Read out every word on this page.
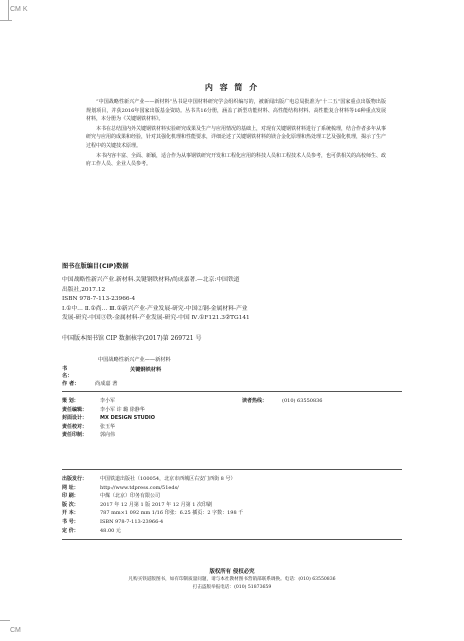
CM K
CM
内 容 简 介

“中国战略性新兴产业——新材料”丛书是中国材料研究学会组织编写的，被新闻出版广电总局批准为“十二五”国家重点出版物出版规划项目，并获2016年国家出版基金资助。丛书共16分册，涵盖了新型功能材料、高性能结构材料、高性能复合材料等16种重点发展材料，本分册为《关键钢铁材料》。

本书在总结国内外关键钢铁材料实验研究成果及生产与应用情况的基础上，对现有关键钢铁材料进行了系统梳理，结合作者多年从事研究与应用的成果和经验，针对其强化机理和性能要求，详细论述了关键钢铁材料的镁合金化原理和热处理工艺及强化机理，揭示了生产过程中的关键技术原理。

本书内容丰富、全面、新颖，适合作为从事钢铁研究开发和工程化应用的科技人员和工程技术人员参考，也可供相关的高校师生、政府工作人员、企业人员参考。

图书在版编目(CIP)数据
中国战略性新兴产业.新材料.关键钢铁材料/尚成嘉著.—北京:中国铁道
出版社,2017.12
ISBN 978-7-113-23966-4
Ⅰ.①中… Ⅱ.①尚… Ⅲ.①新兴产业-产业发展-研究-中国②钢-金属材料-产业
发展-研究-中国③铁-金属材料-产业发展-研究-中国 Ⅳ.①F121.3②TG141
中国版本图书馆 CIP 数据核字(2017)第 269721 号
书 名：
中国战略性新兴产业——新材料
关键钢铁材料
作 者：	尚成嘉 著
策 划：	李小军	读者热线：	(010) 63550836
责任编辑：	李小军 许 璐 徐静华
封面设计：	MX DESIGN STUDIO
责任校对：	张玉华
责任印制：	郭向伟
出版发行：	中国铁道出版社（100054，北京市西城区右安门西街 8 号）
网 址：	http://www.tdpress.com/51eds/
印 刷：	中煤（北京）印务有限公司
版 次：	2017 年 12 月第 1 版 2017 年 12 月第 1 次印刷
开 本：	787 mm×1 092 mm 1/16 印张：6.25 插页：2 字数：198 千
书 号：	ISBN 978-7-113-23966-4
定 价：	48.00 元
版权所有 侵权必究
凡购买铁道版图书，如有印制质量问题，请与本社教材图书营销部联系调换。电话：(010) 63550836
打击盗版举报电话：(010) 51873659
